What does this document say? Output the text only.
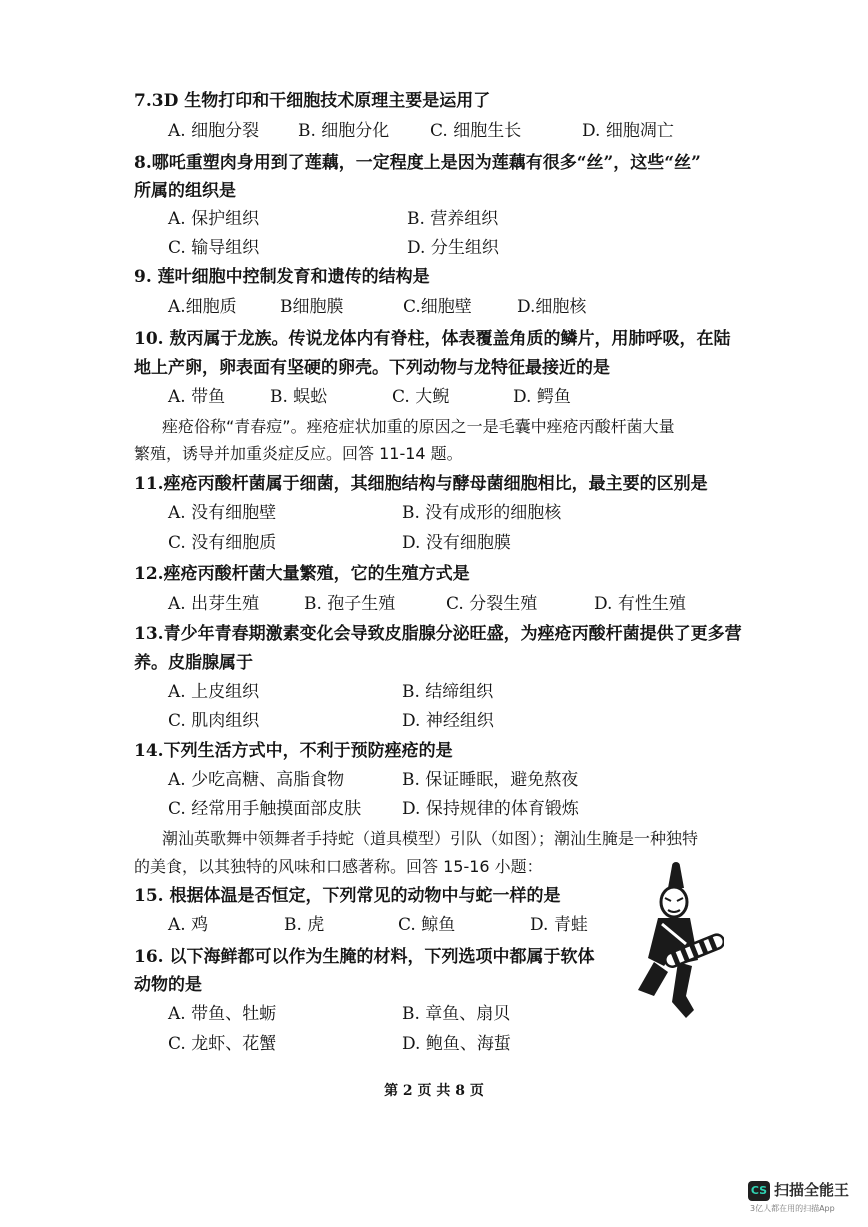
7.3D 生物打印和干细胞技术原理主要是运用了
A. 细胞分裂 B. 细胞分化 C. 细胞生长	D. 细胞凋亡
8.哪吒重塑肉身用到了莲藕，一定程度上是因为莲藕有很多“丝”，这些“丝”
所属的组织是
A. 保护组织	B. 营养组织
C. 输导组织	D. 分生组织
9. 莲叶细胞中控制发育和遗传的结构是
A.细胞质	B细胞膜	C.细胞壁	D.细胞核
10. 敖丙属于龙族。传说龙体内有脊柱，体表覆盖角质的鳞片，用肺呼吸，在陆
地上产卵，卵表面有坚硬的卵壳。下列动物与龙特征最接近的是
A. 带鱼	B. 蜈蚣	C. 大鲵	D. 鳄鱼
痤疮俗称“青春痘”。痤疮症状加重的原因之一是毛囊中痤疮丙酸杆菌大量
繁殖，诱导并加重炎症反应。回答 11-14 题。
11.痤疮丙酸杆菌属于细菌，其细胞结构与酵母菌细胞相比，最主要的区别是
A. 没有细胞壁	B. 没有成形的细胞核
C. 没有细胞质	D. 没有细胞膜
12.痤疮丙酸杆菌大量繁殖，它的生殖方式是
A. 出芽生殖	B. 孢子生殖	C. 分裂生殖	D. 有性生殖
13.青少年青春期激素变化会导致皮脂腺分泌旺盛，为痤疮丙酸杆菌提供了更多营
养。皮脂腺属于
A. 上皮组织	B. 结缔组织
C. 肌肉组织	D. 神经组织
14.下列生活方式中，不利于预防痤疮的是
A. 少吃高糖、高脂食物	B. 保证睡眠，避免熬夜
C. 经常用手触摸面部皮肤 D. 保持规律的体育锻炼
潮汕英歌舞中领舞者手持蛇（道具模型）引队（如图）；潮汕生腌是一种独特
的美食，以其独特的风味和口感著称。回答 15-16 小题：
15. 根据体温是否恒定，下列常见的动物中与蛇一样的是
A. 鸡	B. 虎	C. 鲸鱼	D. 青蛙
16. 以下海鲜都可以作为生腌的材料，下列选项中都属于软体
动物的是
A. 带鱼、牡蛎	B. 章鱼、扇贝
C. 龙虾、花蟹	D. 鲍鱼、海蜇
第 2 页 共 8 页
CS 扫描全能王
3亿人都在用的扫描App
